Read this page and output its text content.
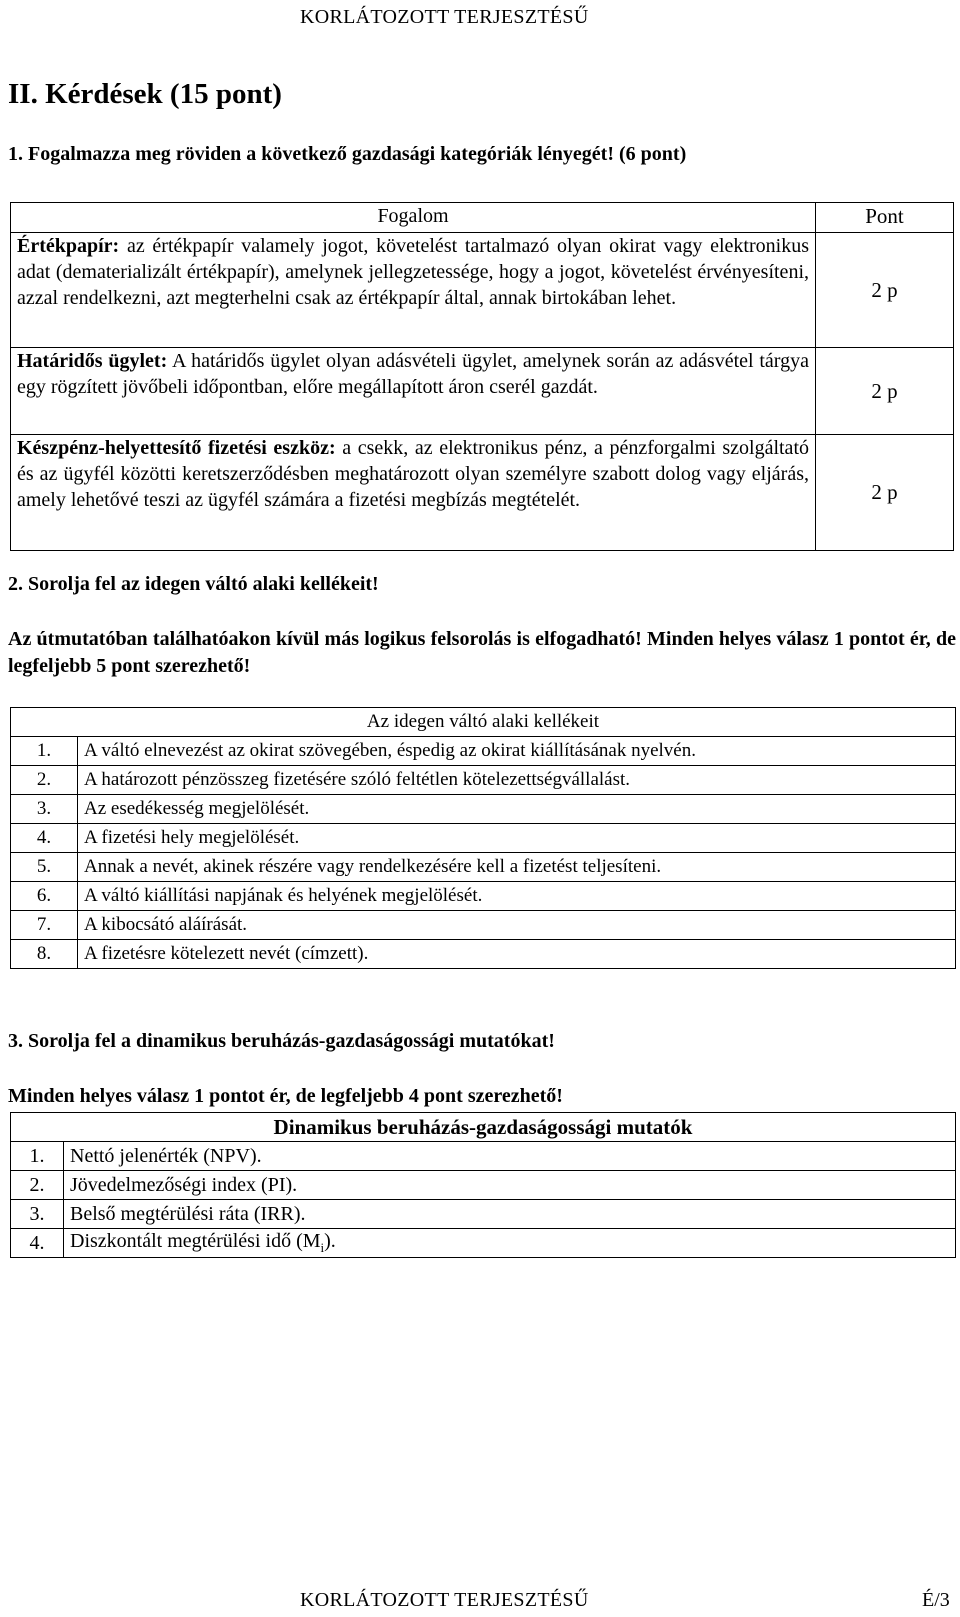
KORLÁTOZOTT TERJESZTÉSŰ
II. Kérdések (15 pont)
1. Fogalmazza meg röviden a következő gazdasági kategóriák lényegét! (6 pont)
Fogalom	Pont
Értékpapír: az értékpapír valamely jogot, követelést tartalmazó olyan okirat vagy elektronikus adat (dematerializált értékpapír), amelynek jellegzetessége, hogy a jogot, követelést érvényesíteni, azzal rendelkezni, azt megterhelni csak az értékpapír által, annak birtokában lehet.	2 p
Határidős ügylet: A határidős ügylet olyan adásvételi ügylet, amelynek során az adásvétel tárgya egy rögzített jövőbeli időpontban, előre megállapított áron cserél gazdát.	2 p
Készpénz-helyettesítő fizetési eszköz: a csekk, az elektronikus pénz, a pénzforgalmi szolgáltató és az ügyfél közötti keretszerződésben meghatározott olyan személyre szabott dolog vagy eljárás, amely lehetővé teszi az ügyfél számára a fizetési megbízás megtételét.	2 p
2. Sorolja fel az idegen váltó alaki kellékeit!
Az útmutatóban találhatóakon kívül más logikus felsorolás is elfogadható! Minden helyes válasz 1 pontot ér, de legfeljebb 5 pont szerezhető!
Az idegen váltó alaki kellékeit	
1.	A váltó elnevezést az okirat szövegében, éspedig az okirat kiállításának nyelvén.
2.	A határozott pénzösszeg fizetésére szóló feltétlen kötelezettségvállalást.
3.	Az esedékesség megjelölését.
4.	A fizetési hely megjelölését.
5.	Annak a nevét, akinek részére vagy rendelkezésére kell a fizetést teljesíteni.
6.	A váltó kiállítási napjának és helyének megjelölését.
7.	A kibocsátó aláírását.
8.	A fizetésre kötelezett nevét (címzett).
3. Sorolja fel a dinamikus beruházás-gazdaságossági mutatókat!
Minden helyes válasz 1 pontot ér, de legfeljebb 4 pont szerezhető!
Dinamikus beruházás-gazdaságossági mutatók	
1.	Nettó jelenérték (NPV).
2.	Jövedelmezőségi index (PI).
3.	Belső megtérülési ráta (IRR).
4.	Diszkontált megtérülési idő $(M_i)$.
KORLÁTOZOTT TERJESZTÉSŰ	É/3
